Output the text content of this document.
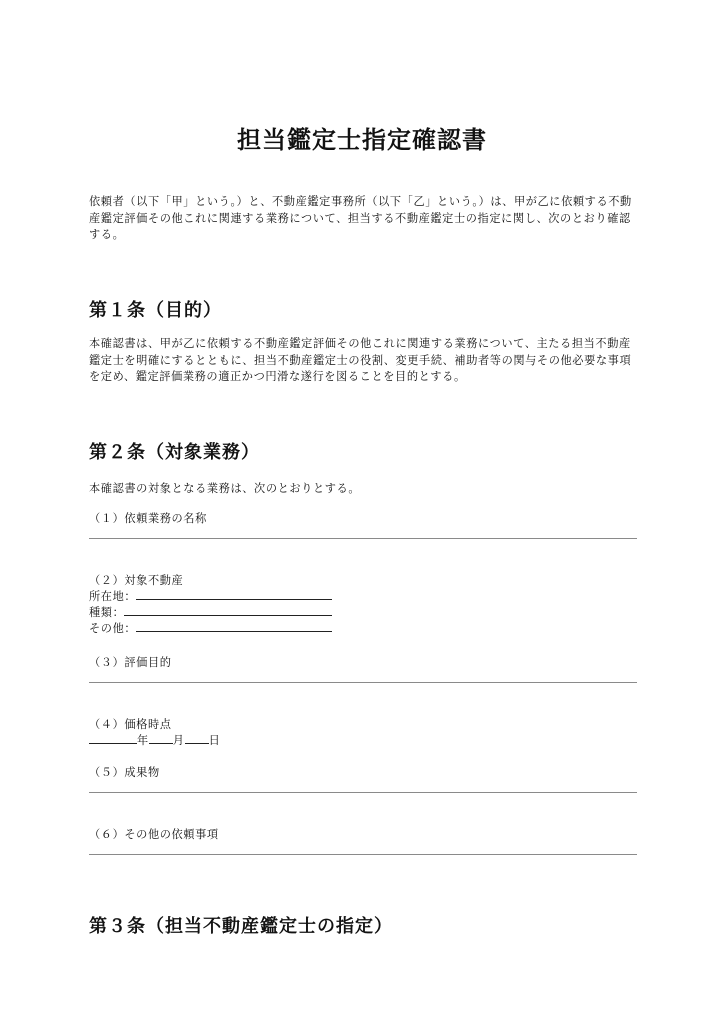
担当鑑定士指定確認書
依頼者（以下「甲」という。）と、不動産鑑定事務所（以下「乙」という。）は、甲が乙に依頼する不動産鑑定評価その他これに関連する業務について、担当する不動産鑑定士の指定に関し、次のとおり確認する。
第１条（目的）
本確認書は、甲が乙に依頼する不動産鑑定評価その他これに関連する業務について、主たる担当不動産鑑定士を明確にするとともに、担当不動産鑑定士の役割、変更手続、補助者等の関与その他必要な事項を定め、鑑定評価業務の適正かつ円滑な遂行を図ることを目的とする。
第２条（対象業務）
本確認書の対象となる業務は、次のとおりとする。
（１）依頼業務の名称
（２）対象不動産
所在地：
種類：
その他：
（３）評価目的
（４）価格時点
年 月 日
（５）成果物
（６）その他の依頼事項
第３条（担当不動産鑑定士の指定）
